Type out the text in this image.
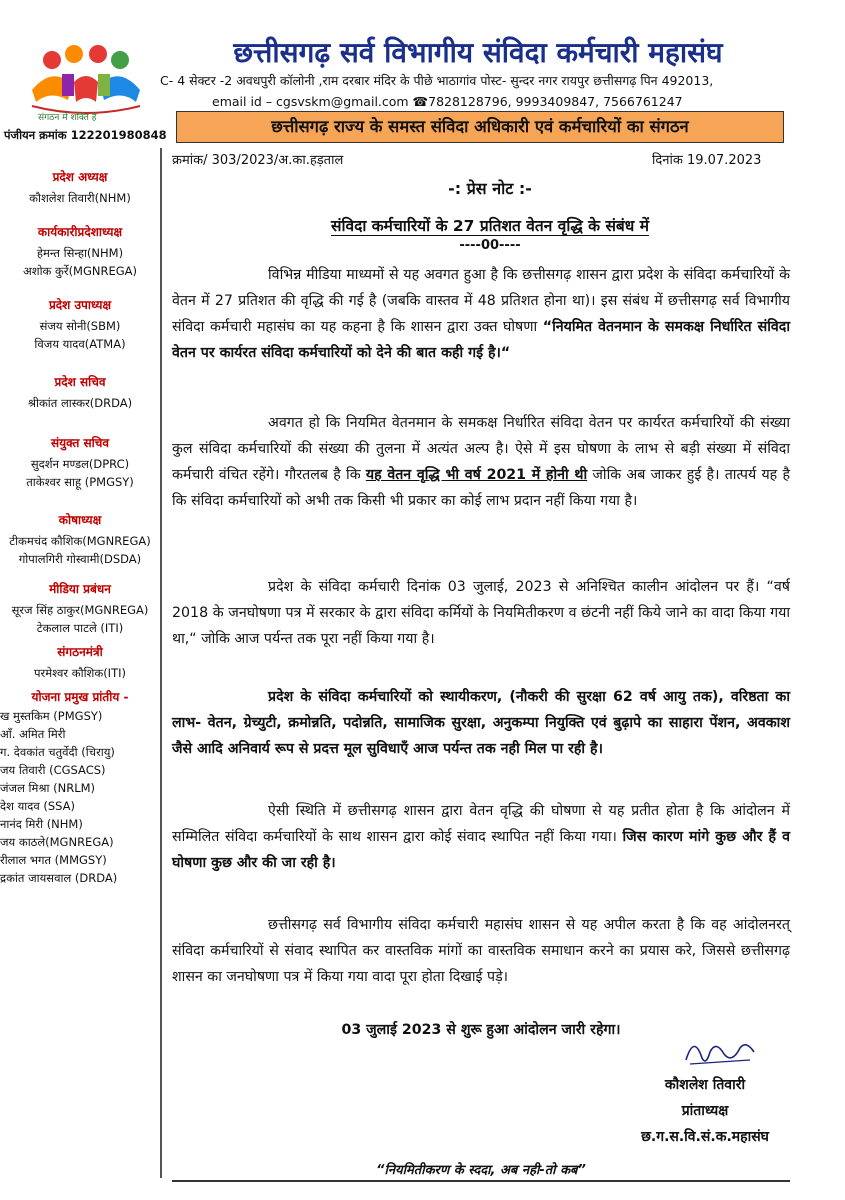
संगठन में शक्ति है
छत्तीसगढ़ सर्व विभागीय संविदा कर्मचारी महासंघ
C- 4 सेक्टर -2 अवधपुरी कॉलोनी ,राम दरबार मंदिर के पीछे भाठागांव पोस्ट- सुन्दर नगर रायपुर छत्तीसगढ़ पिन 492013,
email id – cgsvskm@gmail.com ☎7828128796, 9993409847, 7566761247
पंजीयन क्रमांक 122201980848	छत्तीसगढ़ राज्य के समस्त संविदा अधिकारी एवं कर्मचारियों का संगठन
प्रदेश अध्यक्ष
कौशलेश तिवारी(NHM)
कार्यकारीप्रदेशाध्यक्ष
हेमन्त सिन्हा(NHM)
अशोक कुर्रे(MGNREGA)
प्रदेश उपाध्यक्ष
संजय सोनी(SBM)
विजय यादव(ATMA)
प्रदेश सचिव
श्रीकांत लास्कर(DRDA)
संयुक्त सचिव
सुदर्शन मण्डल(DPRC)
ताकेश्वर साहू (PMGSY)
कोषाध्यक्ष
टीकमचंद कौशिक(MGNREGA)
गोपालगिरी गोस्वामी(DSDA)
मीडिया प्रबंधन
सूरज सिंह ठाकुर(MGNREGA)
टेकलाल पाटले (ITI)
संगठनमंत्री
परमेश्वर कौशिक(ITI)
योजना प्रमुख प्रांतीय -
ख मुस्तकिम (PMGSY)
ऑं. अमित मिरी
ग. देवकांत चतुर्वेदी (चिरायु)
जय तिवारी (CGSACS)
जंजल मिश्रा (NRLM)
देश यादव (SSA)
नानंद मिरी (NHM)
जय काठले(MGNREGA)
रीलाल भगत (MMGSY)
द्रकांत जायसवाल (DRDA)
क्रमांक/ 303/2023/अ.का.हड़ताल	दिनांक 19.07.2023
-: प्रेस नोट :-
संविदा कर्मचारियों के 27 प्रतिशत वेतन वृद्धि के संबंध में
----00----
विभिन्न मीडिया माध्यमों से यह अवगत हुआ है कि छत्तीसगढ़ शासन द्वारा प्रदेश के संविदा कर्मचारियों के वेतन में 27 प्रतिशत की वृद्धि की गई है (जबकि वास्तव में 48 प्रतिशत होना था)। इस संबंध में छत्तीसगढ़ सर्व विभागीय संविदा कर्मचारी महासंघ का यह कहना है कि शासन द्वारा उक्त घोषणा “नियमित वेतनमान के समकक्ष निर्धारित संविदा वेतन पर कार्यरत संविदा कर्मचारियों को देने की बात कही गई है।“
अवगत हो कि नियमित वेतनमान के समकक्ष निर्धारित संविदा वेतन पर कार्यरत कर्मचारियों की संख्या कुल संविदा कर्मचारियों की संख्या की तुलना में अत्यंत अल्प है। ऐसे में इस घोषणा के लाभ से बड़ी संख्या में संविदा कर्मचारी वंचित रहेंगे। गौरतलब है कि यह वेतन वृद्धि भी वर्ष 2021 में होनी थी जोकि अब जाकर हुई है। तात्पर्य यह है कि संविदा कर्मचारियों को अभी तक किसी भी प्रकार का कोई लाभ प्रदान नहीं किया गया है।
प्रदेश के संविदा कर्मचारी दिनांक 03 जुलाई, 2023 से अनिश्चित कालीन आंदोलन पर हैं। “वर्ष 2018 के जनघोषणा पत्र में सरकार के द्वारा संविदा कर्मियों के नियमितीकरण व छंटनी नहीं किये जाने का वादा किया गया था,“ जोकि आज पर्यन्त तक पूरा नहीं किया गया है।
प्रदेश के संविदा कर्मचारियों को स्थायीकरण, (नौकरी की सुरक्षा 62 वर्ष आयु तक), वरिष्ठता का लाभ- वेतन, ग्रेच्युटी, क्रमोन्नति, पदोन्नति, सामाजिक सुरक्षा, अनुकम्पा नियुक्ति एवं बुढ़ापे का साहारा पेंशन, अवकाश जैसे आदि अनिवार्य रूप से प्रदत्त मूल सुविधाएँ आज पर्यन्त तक नही मिल पा रही है।
ऐसी स्थिति में छत्तीसगढ़ शासन द्वारा वेतन वृद्धि की घोषणा से यह प्रतीत होता है कि आंदोलन में सम्मिलित संविदा कर्मचारियों के साथ शासन द्वारा कोई संवाद स्थापित नहीं किया गया। जिस कारण मांगे कुछ और हैं व घोषणा कुछ और की जा रही है।
छत्तीसगढ़ सर्व विभागीय संविदा कर्मचारी महासंघ शासन से यह अपील करता है कि वह आंदोलनरत् संविदा कर्मचारियों से संवाद स्थापित कर वास्तविक मांगों का वास्तविक समाधान करने का प्रयास करे, जिससे छत्तीसगढ़ शासन का जनघोषणा पत्र में किया गया वादा पूरा होता दिखाई पड़े।
03 जुलाई 2023 से शुरू हुआ आंदोलन जारी रहेगा।
कौशलेश तिवारी
प्रांताध्यक्ष
छ.ग.स.वि.सं.क.महासंघ
“नियमितीकरण के स्ददा, अब नही-तो कब”
